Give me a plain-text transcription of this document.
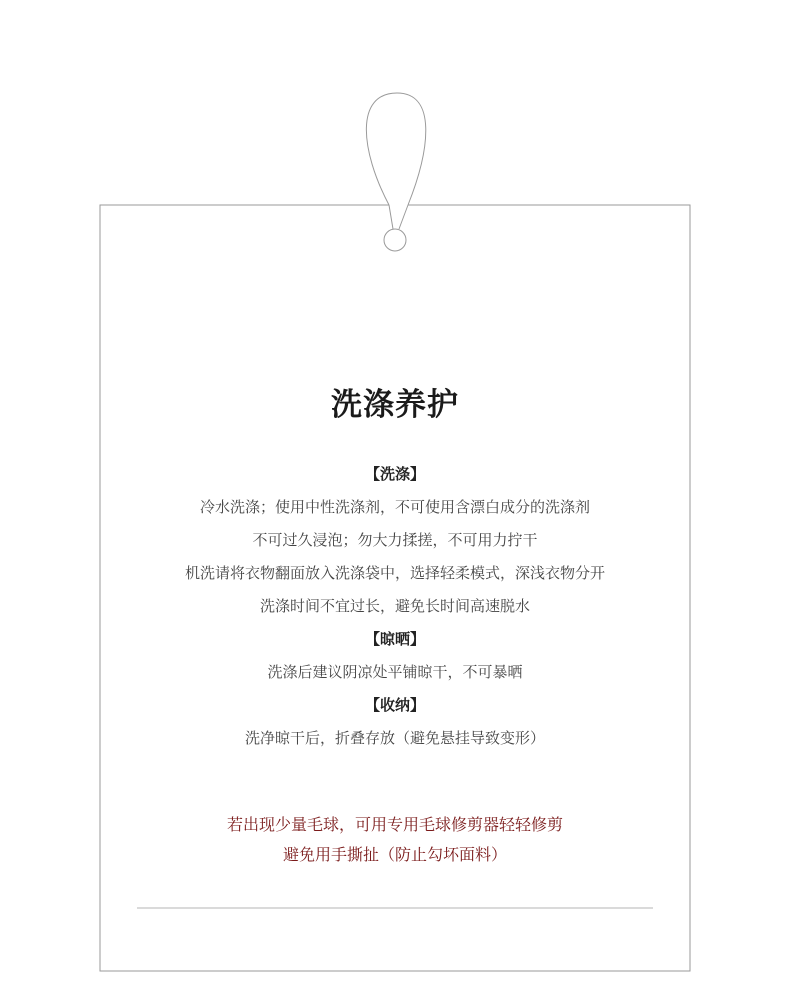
洗涤养护
【洗涤】
冷水洗涤；使用中性洗涤剂，不可使用含漂白成分的洗涤剂
不可过久浸泡；勿大力揉搓，不可用力拧干
机洗请将衣物翻面放入洗涤袋中，选择轻柔模式，深浅衣物分开
洗涤时间不宜过长，避免长时间高速脱水
【晾晒】
洗涤后建议阴凉处平铺晾干，不可暴晒
【收纳】
洗净晾干后，折叠存放（避免悬挂导致变形）
若出现少量毛球，可用专用毛球修剪器轻轻修剪
避免用手撕扯（防止勾坏面料）
